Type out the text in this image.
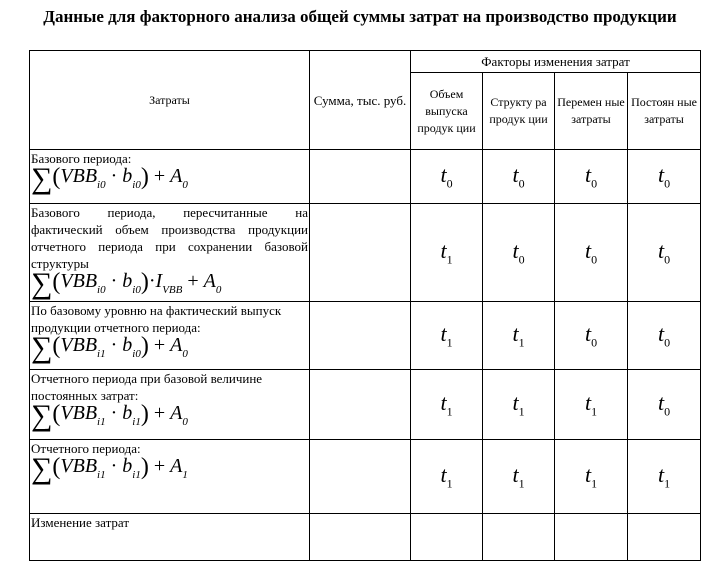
Данные для факторного анализа общей суммы затрат на производство продукции
Затраты	Сумма, тыс. руб.	Факторы изменения затрат			
		Объем выпуска продук ции	Структу ра продук ции	Перемен ные затраты	Постоян ные затраты

Базового периода:
$\sum(VBB_{i0} \cdot b_{i0}) + A_0$		$t_0$	$t_0$	$t_0$	$t_0$

Базового периода, пересчитанные на фактический объем производства продукции отчетного периода при сохранении базовой структуры
$\sum(VBB_{i0} \cdot b_{i0})\cdot I_{VBB} + A_0$		$t_1$	$t_0$	$t_0$	$t_0$

По базовому уровню на фактический выпуск продукции отчетного периода:
$\sum(VBB_{i1} \cdot b_{i0}) + A_0$		$t_1$	$t_1$	$t_0$	$t_0$

Отчетного периода при базовой величине постоянных затрат:
$\sum(VBB_{i1} \cdot b_{i1}) + A_0$		$t_1$	$t_1$	$t_1$	$t_0$

Отчетного периода:
$\sum(VBB_{i1} \cdot b_{i1}) + A_1$		$t_1$	$t_1$	$t_1$	$t_1$

Изменение затрат					
